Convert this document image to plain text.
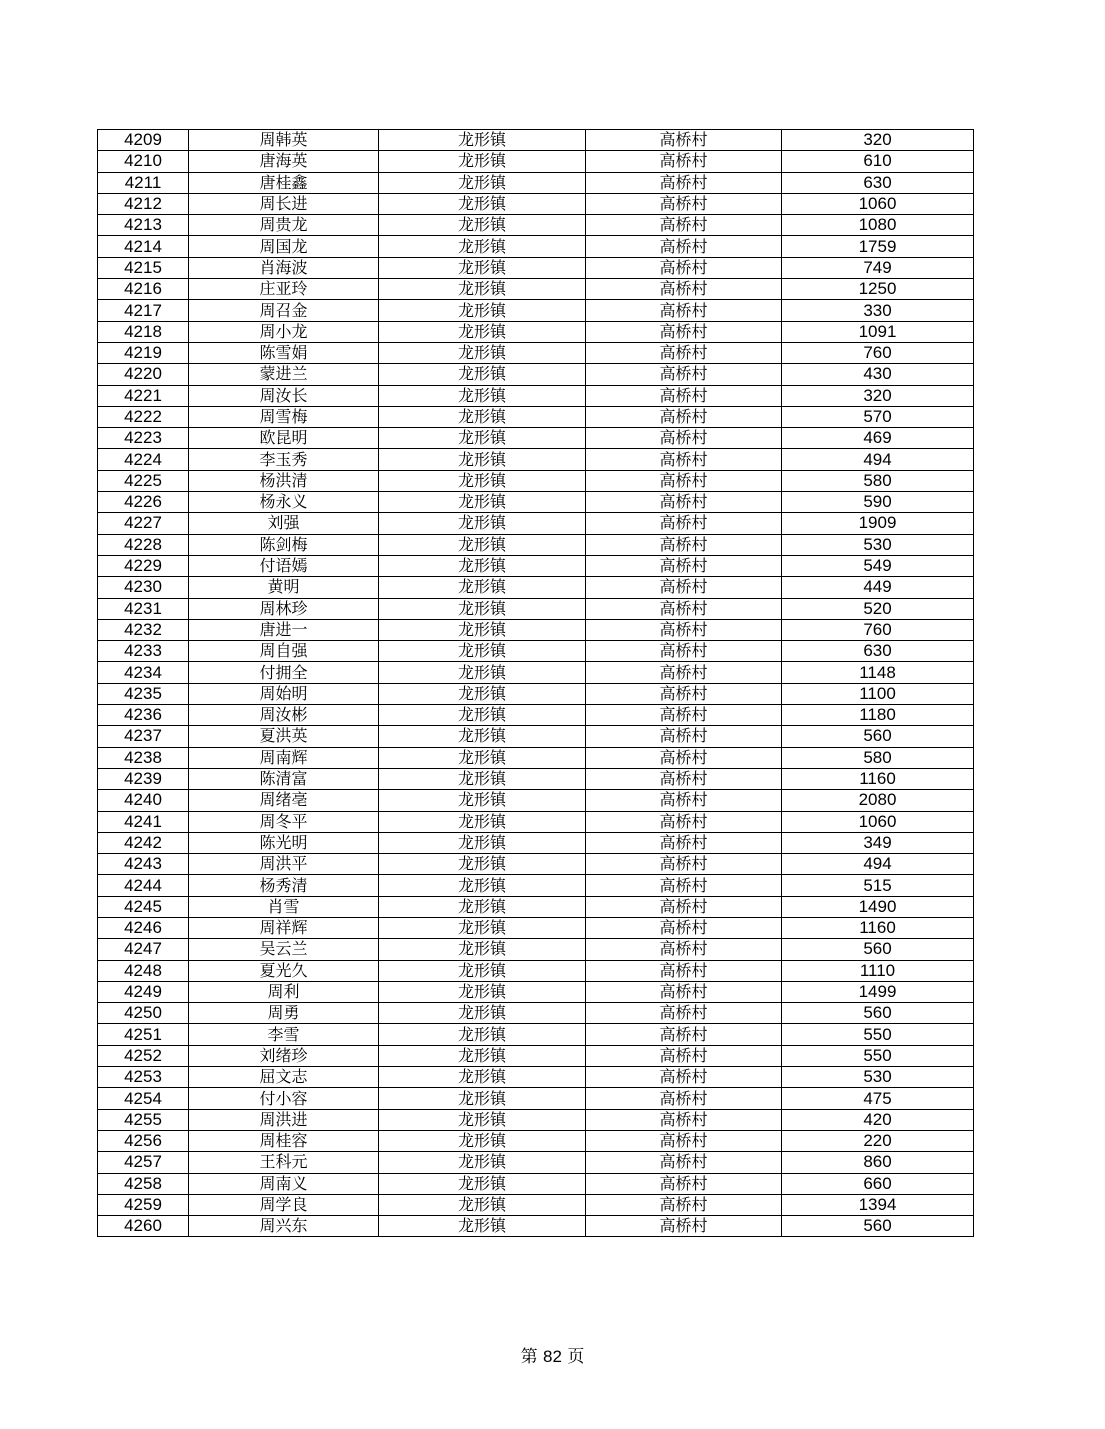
4209	周韩英	龙形镇	高桥村	320
4210	唐海英	龙形镇	高桥村	610
4211	唐桂鑫	龙形镇	高桥村	630
4212	周长进	龙形镇	高桥村	1060
4213	周贵龙	龙形镇	高桥村	1080
4214	周国龙	龙形镇	高桥村	1759
4215	肖海波	龙形镇	高桥村	749
4216	庄亚玲	龙形镇	高桥村	1250
4217	周召金	龙形镇	高桥村	330
4218	周小龙	龙形镇	高桥村	1091
4219	陈雪娟	龙形镇	高桥村	760
4220	蒙进兰	龙形镇	高桥村	430
4221	周汝长	龙形镇	高桥村	320
4222	周雪梅	龙形镇	高桥村	570
4223	欧昆明	龙形镇	高桥村	469
4224	李玉秀	龙形镇	高桥村	494
4225	杨洪清	龙形镇	高桥村	580
4226	杨永义	龙形镇	高桥村	590
4227	刘强	龙形镇	高桥村	1909
4228	陈剑梅	龙形镇	高桥村	530
4229	付语嫣	龙形镇	高桥村	549
4230	黄明	龙形镇	高桥村	449
4231	周林珍	龙形镇	高桥村	520
4232	唐进一	龙形镇	高桥村	760
4233	周自强	龙形镇	高桥村	630
4234	付拥全	龙形镇	高桥村	1148
4235	周始明	龙形镇	高桥村	1100
4236	周汝彬	龙形镇	高桥村	1180
4237	夏洪英	龙形镇	高桥村	560
4238	周南辉	龙形镇	高桥村	580
4239	陈清富	龙形镇	高桥村	1160
4240	周绪亳	龙形镇	高桥村	2080
4241	周冬平	龙形镇	高桥村	1060
4242	陈光明	龙形镇	高桥村	349
4243	周洪平	龙形镇	高桥村	494
4244	杨秀清	龙形镇	高桥村	515
4245	肖雪	龙形镇	高桥村	1490
4246	周祥辉	龙形镇	高桥村	1160
4247	吴云兰	龙形镇	高桥村	560
4248	夏光久	龙形镇	高桥村	1110
4249	周利	龙形镇	高桥村	1499
4250	周勇	龙形镇	高桥村	560
4251	李雪	龙形镇	高桥村	550
4252	刘绪珍	龙形镇	高桥村	550
4253	屈文志	龙形镇	高桥村	530
4254	付小容	龙形镇	高桥村	475
4255	周洪进	龙形镇	高桥村	420
4256	周桂容	龙形镇	高桥村	220
4257	王科元	龙形镇	高桥村	860
4258	周南义	龙形镇	高桥村	660
4259	周学良	龙形镇	高桥村	1394
4260	周兴东	龙形镇	高桥村	560
第 82 页
